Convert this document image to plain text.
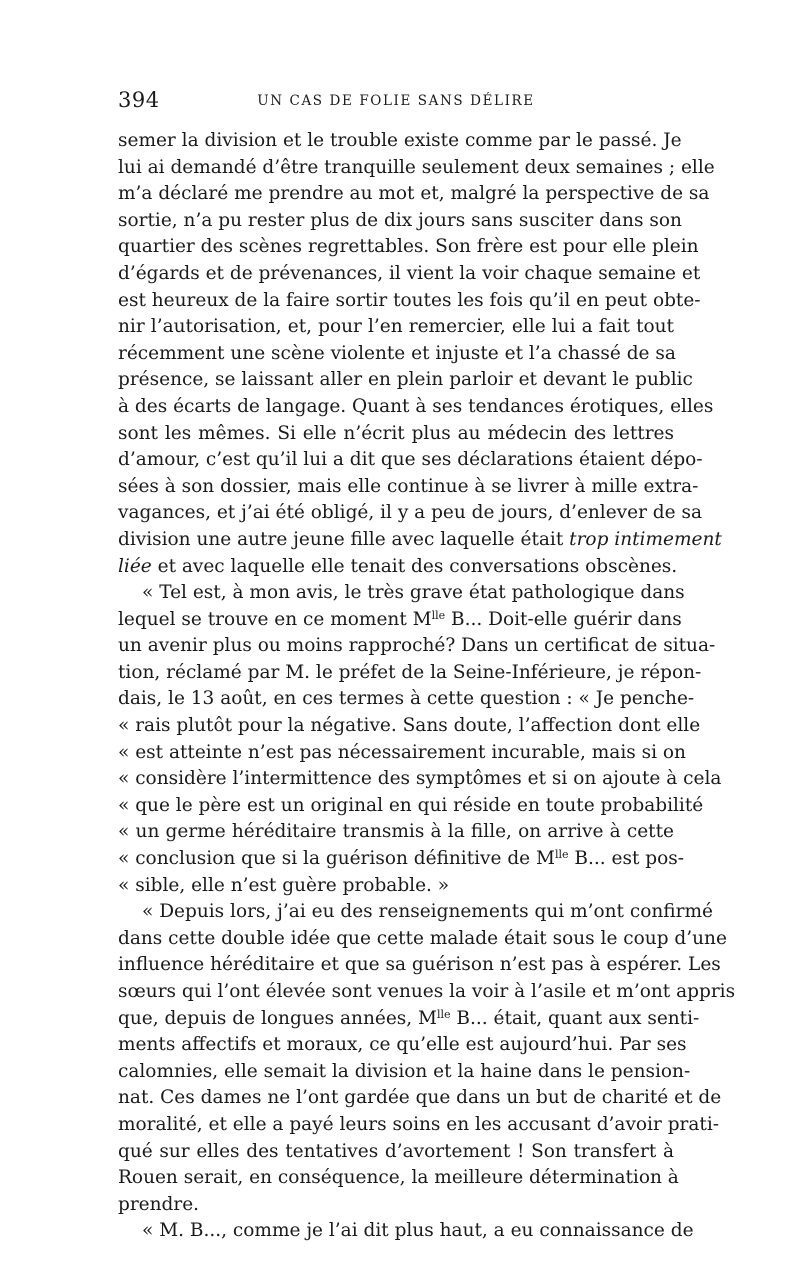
394	UN CAS DE FOLIE SANS DÉLIRE
semer la division et le trouble existe comme par le passé. Je
lui ai demandé d’être tranquille seulement deux semaines ; elle
m’a déclaré me prendre au mot et, malgré la perspective de sa
sortie, n’a pu rester plus de dix jours sans susciter dans son
quartier des scènes regrettables. Son frère est pour elle plein
d’égards et de prévenances, il vient la voir chaque semaine et
est heureux de la faire sortir toutes les fois qu’il en peut obte-
nir l’autorisation, et, pour l’en remercier, elle lui a fait tout
récemment une scène violente et injuste et l’a chassé de sa
présence, se laissant aller en plein parloir et devant le public
à des écarts de langage. Quant à ses tendances érotiques, elles
sont les mêmes. Si elle n’écrit plus au médecin des lettres
d’amour, c’est qu’il lui a dit que ses déclarations étaient dépo-
sées à son dossier, mais elle continue à se livrer à mille extra-
vagances, et j’ai été obligé, il y a peu de jours, d’enlever de sa
division une autre jeune fille avec laquelle était trop intimement
liée et avec laquelle elle tenait des conversations obscènes.
« Tel est, à mon avis, le très grave état pathologique dans
lequel se trouve en ce moment $M^{lle}$ B... Doit-elle guérir dans
un avenir plus ou moins rapproché? Dans un certificat de situa-
tion, réclamé par M. le préfet de la Seine-Inférieure, je répon-
dais, le 13 août, en ces termes à cette question : « Je penche-
« rais plutôt pour la négative. Sans doute, l’affection dont elle
« est atteinte n’est pas nécessairement incurable, mais si on
« considère l’intermittence des symptômes et si on ajoute à cela
« que le père est un original en qui réside en toute probabilité
« un germe héréditaire transmis à la fille, on arrive à cette
« conclusion que si la guérison définitive de $M^{lle}$ B... est pos-
« sible, elle n’est guère probable. »
« Depuis lors, j’ai eu des renseignements qui m’ont confirmé
dans cette double idée que cette malade était sous le coup d’une
influence héréditaire et que sa guérison n’est pas à espérer. Les
sœurs qui l’ont élevée sont venues la voir à l’asile et m’ont appris
que, depuis de longues années, $M^{lle}$ B... était, quant aux senti-
ments affectifs et moraux, ce qu’elle est aujourd’hui. Par ses
calomnies, elle semait la division et la haine dans le pension-
nat. Ces dames ne l’ont gardée que dans un but de charité et de
moralité, et elle a payé leurs soins en les accusant d’avoir prati-
qué sur elles des tentatives d’avortement ! Son transfert à
Rouen serait, en conséquence, la meilleure détermination à
prendre.
« M. B..., comme je l’ai dit plus haut, a eu connaissance de
